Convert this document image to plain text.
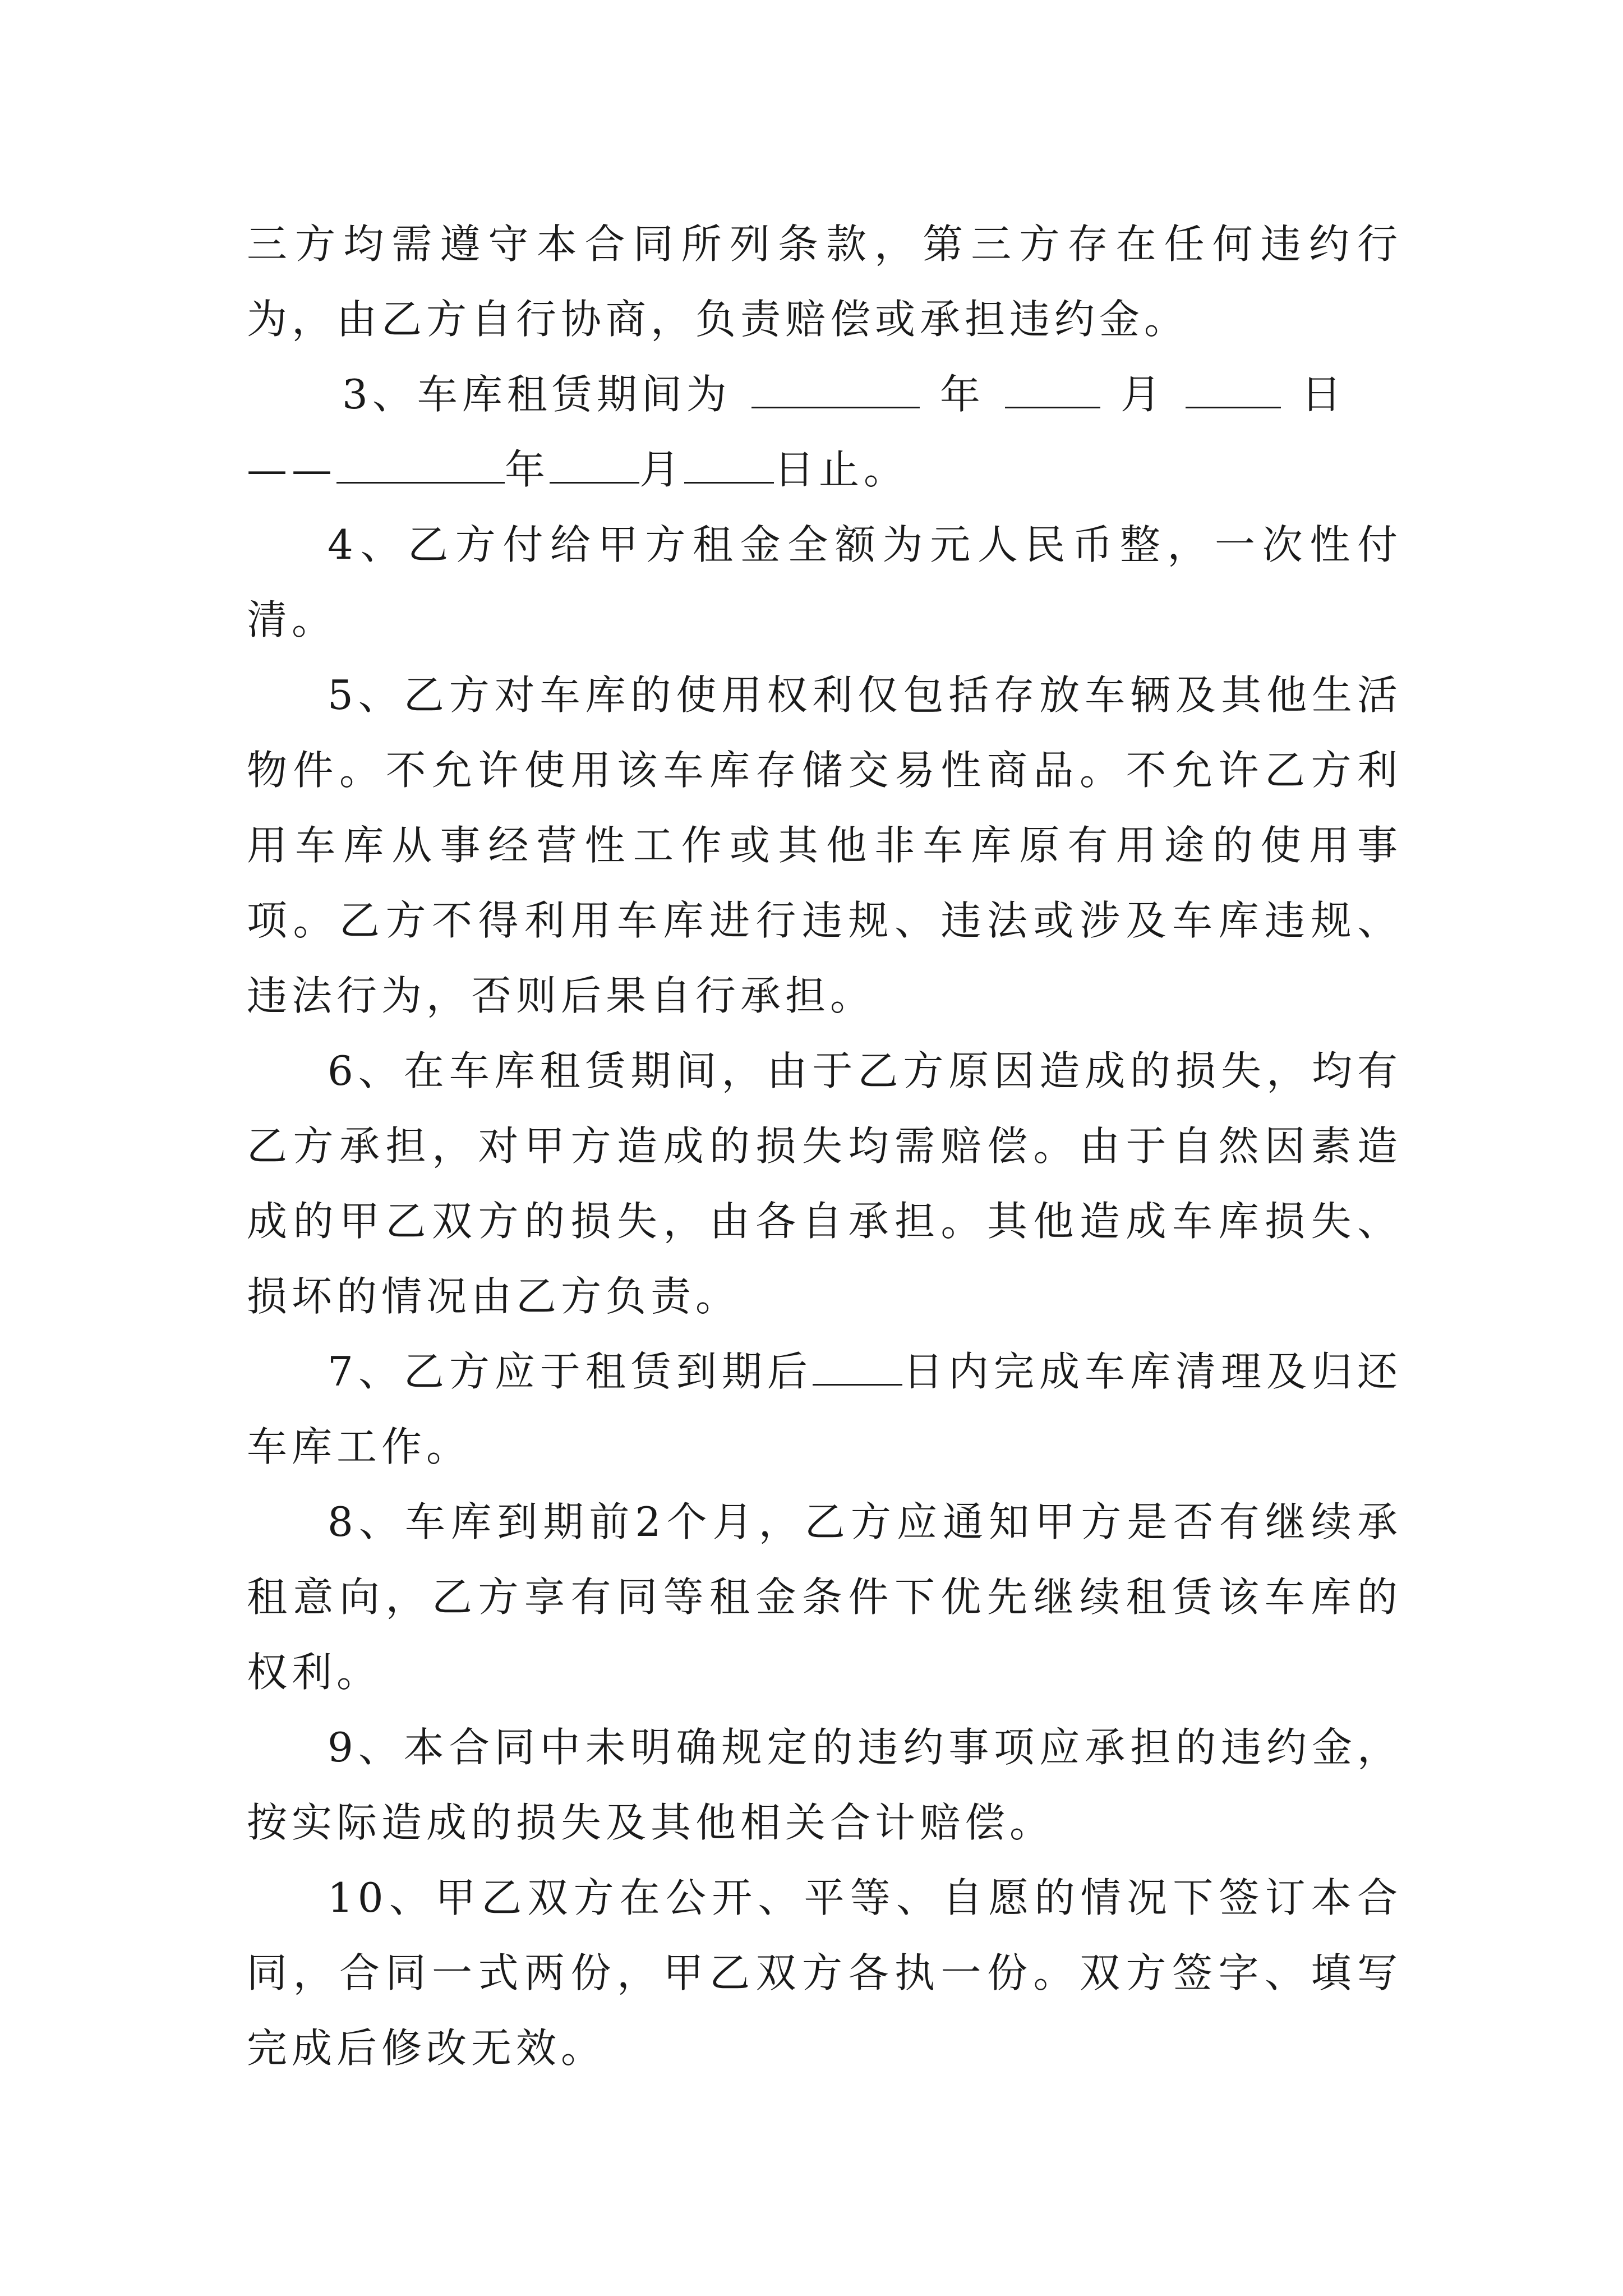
三方均需遵守本合同所列条款，第三方存在任何违约行为，由乙方自行协商，负责赔偿或承担违约金。

3、车库租赁期间为	年	月	日
——	年 月 日止。

4、乙方付给甲方租金全额为元人民币整，一次性付清。

5、乙方对车库的使用权利仅包括存放车辆及其他生活物件。不允许使用该车库存储交易性商品。不允许乙方利用车库从事经营性工作或其他非车库原有用途的使用事项。乙方不得利用车库进行违规、违法或涉及车库违规、违法行为，否则后果自行承担。

6、在车库租赁期间，由于乙方原因造成的损失，均有乙方承担，对甲方造成的损失均需赔偿。由于自然因素造成的甲乙双方的损失，由各自承担。其他造成车库损失、损坏的情况由乙方负责。

7、乙方应于租赁到期后 日内完成车库清理及归还车库工作。

8、车库到期前2个月，乙方应通知甲方是否有继续承租意向，乙方享有同等租金条件下优先继续租赁该车库的权利。

9、本合同中未明确规定的违约事项应承担的违约金，按实际造成的损失及其他相关合计赔偿。

10、甲乙双方在公开、平等、自愿的情况下签订本合同，合同一式两份，甲乙双方各执一份。双方签字、填写完成后修改无效。
